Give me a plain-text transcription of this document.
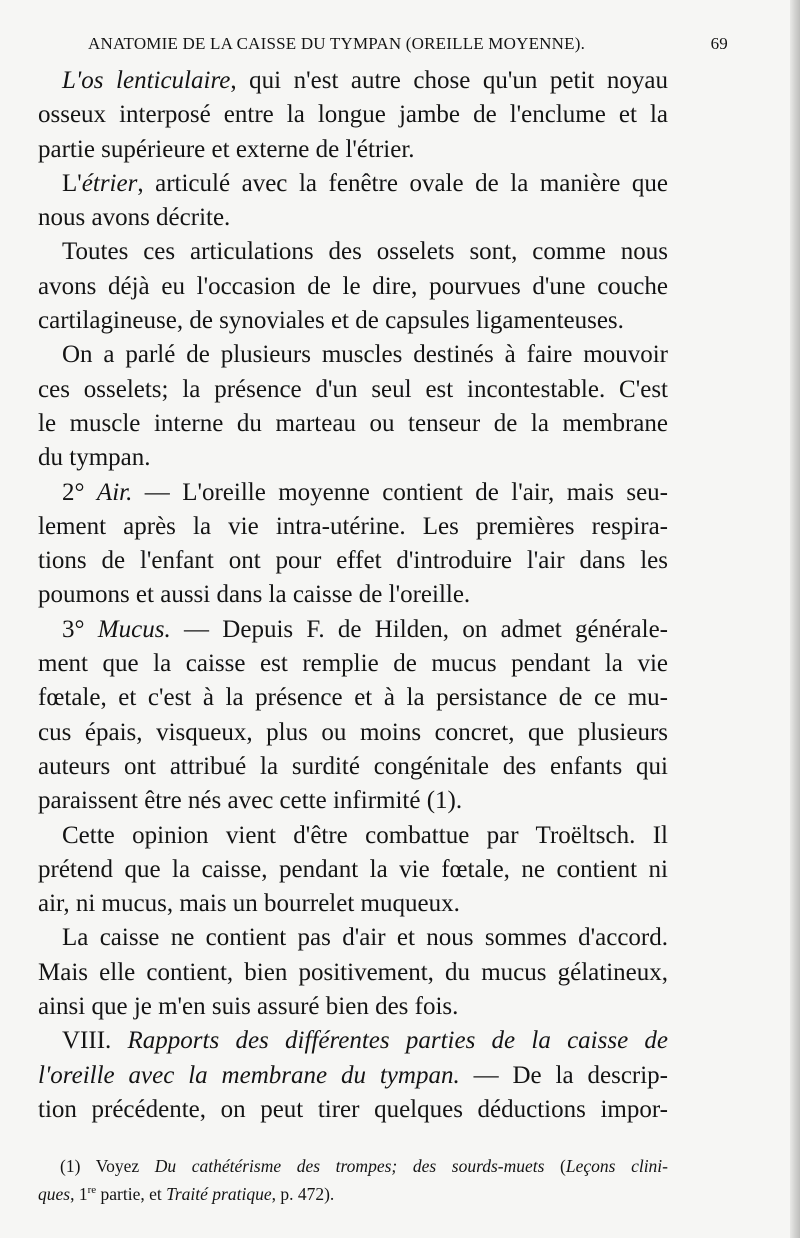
ANATOMIE DE LA CAISSE DU TYMPAN (OREILLE MOYENNE).	69
L'os lenticulaire, qui n'est autre chose qu'un petit noyau
osseux interposé entre la longue jambe de l'enclume et la
partie supérieure et externe de l'étrier.
L'étrier, articulé avec la fenêtre ovale de la manière que
nous avons décrite.
Toutes ces articulations des osselets sont, comme nous
avons déjà eu l'occasion de le dire, pourvues d'une couche
cartilagineuse, de synoviales et de capsules ligamenteuses.
On a parlé de plusieurs muscles destinés à faire mouvoir
ces osselets; la présence d'un seul est incontestable. C'est
le muscle interne du marteau ou tenseur de la membrane
du tympan.
2° Air. — L'oreille moyenne contient de l'air, mais seu-
lement après la vie intra-utérine. Les premières respira-
tions de l'enfant ont pour effet d'introduire l'air dans les
poumons et aussi dans la caisse de l'oreille.
3° Mucus. — Depuis F. de Hilden, on admet générale-
ment que la caisse est remplie de mucus pendant la vie
fœtale, et c'est à la présence et à la persistance de ce mu-
cus épais, visqueux, plus ou moins concret, que plusieurs
auteurs ont attribué la surdité congénitale des enfants qui
paraissent être nés avec cette infirmité (1).
Cette opinion vient d'être combattue par Troëltsch. Il
prétend que la caisse, pendant la vie fœtale, ne contient ni
air, ni mucus, mais un bourrelet muqueux.
La caisse ne contient pas d'air et nous sommes d'accord.
Mais elle contient, bien positivement, du mucus gélatineux,
ainsi que je m'en suis assuré bien des fois.
VIII. Rapports des différentes parties de la caisse de
l'oreille avec la membrane du tympan. — De la descrip-
tion précédente, on peut tirer quelques déductions impor-
(1) Voyez Du cathétérisme des trompes; des sourds-muets (Leçons clini-
ques, 1re partie, et Traité pratique, p. 472).
